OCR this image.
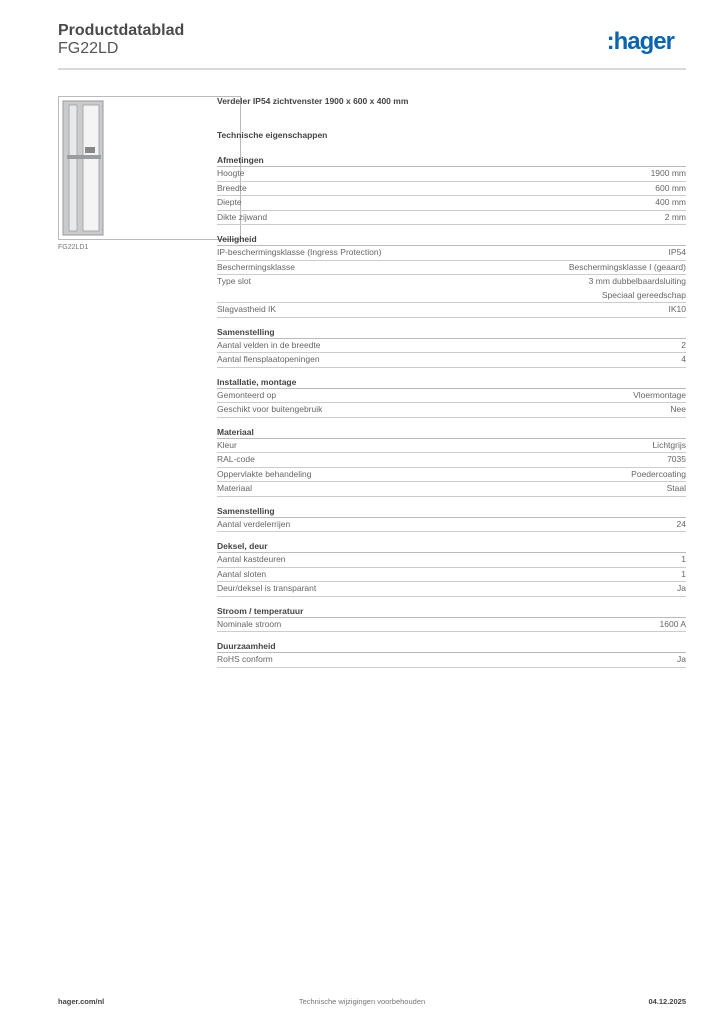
Productdatablad
FG22LD	:hager
FG22LD1
Verdeler IP54 zichtvenster 1900 x 600 x 400 mm
Technische eigenschappen
Afmetingen
Hoogte	1900 mm
Breedte	600 mm
Diepte	400 mm
Dikte zijwand	2 mm
Veiligheid
IP-beschermingsklasse (Ingress Protection)	IP54
Beschermingsklasse	Beschermingsklasse I (geaard)
Type slot	3 mm dubbelbaardsluiting
Speciaal gereedschap
Slagvastheid IK	IK10
Samenstelling
Aantal velden in de breedte	2
Aantal flensplaatopeningen	4
Installatie, montage
Gemonteerd op	Vloermontage
Geschikt voor buitengebruik	Nee
Materiaal
Kleur	Lichtgrijs
RAL-code	7035
Oppervlakte behandeling	Poedercoating
Materiaal	Staal
Samenstelling
Aantal verdelerrijen	24
Deksel, deur
Aantal kastdeuren	1
Aantal sloten	1
Deur/deksel is transparant	Ja
Stroom / temperatuur
Nominale stroom	1600 A
Duurzaamheid
RoHS conform	Ja
hager.com/nl	Technische wijzigingen voorbehouden	04.12.2025
